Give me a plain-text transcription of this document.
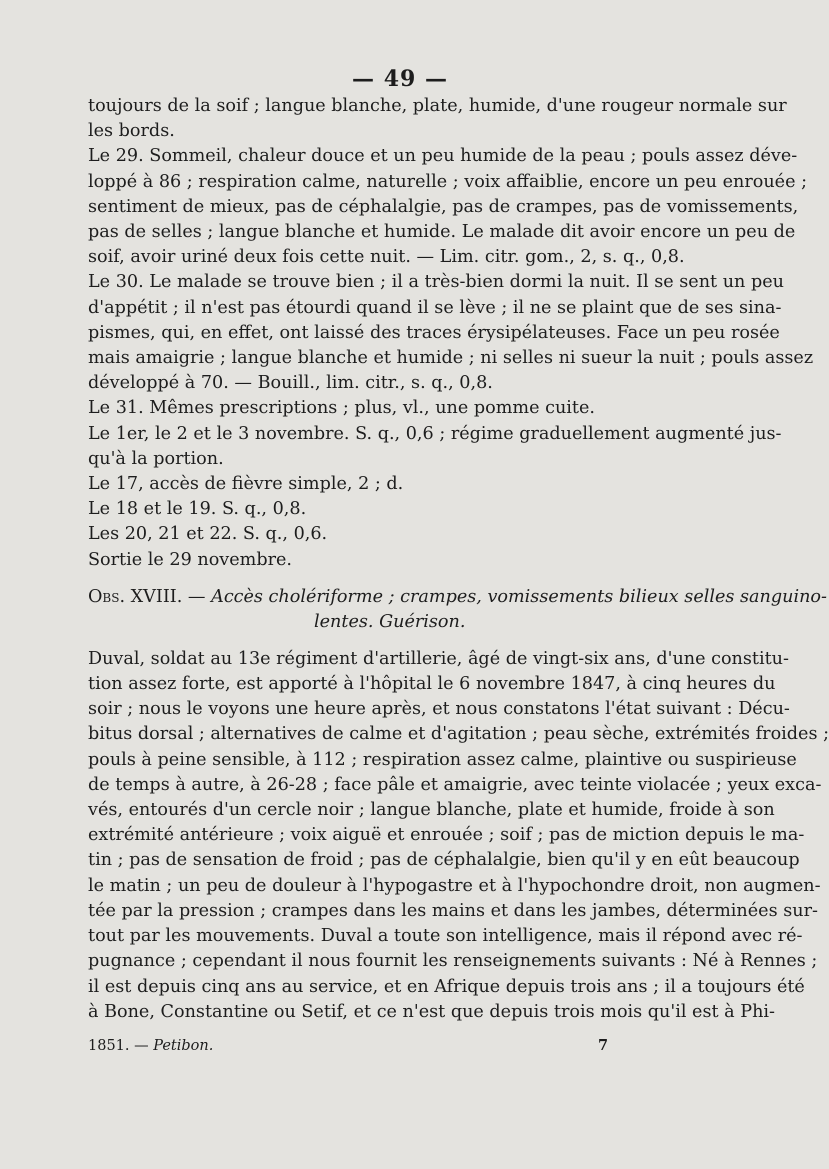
— 49 —
toujours de la soif ; langue blanche, plate, humide, d'une rougeur normale sur
les bords.
Le 29. Sommeil, chaleur douce et un peu humide de la peau ; pouls assez déve-
loppé à 86 ; respiration calme, naturelle ; voix affaiblie, encore un peu enrouée ;
sentiment de mieux, pas de céphalalgie, pas de crampes, pas de vomissements,
pas de selles ; langue blanche et humide. Le malade dit avoir encore un peu de
soif, avoir uriné deux fois cette nuit. — Lim. citr. gom., 2, s. q., 0,8.
Le 30. Le malade se trouve bien ; il a très-bien dormi la nuit. Il se sent un peu
d'appétit ; il n'est pas étourdi quand il se lève ; il ne se plaint que de ses sina-
pismes, qui, en effet, ont laissé des traces érysipélateuses. Face un peu rosée
mais amaigrie ; langue blanche et humide ; ni selles ni sueur la nuit ; pouls assez
développé à 70. — Bouill., lim. citr., s. q., 0,8.
Le 31. Mêmes prescriptions ; plus, vl., une pomme cuite.
Le 1er, le 2 et le 3 novembre. S. q., 0,6 ; régime graduellement augmenté jus-
qu'à la portion.
Le 17, accès de fièvre simple, 2 ; d.
Le 18 et le 19. S. q., 0,8.
Les 20, 21 et 22. S. q., 0,6.
Sortie le 29 novembre.
Obs. XVIII. — Accès cholériforme ; crampes, vomissements bilieux selles sanguino-
lentes. Guérison.
Duval, soldat au 13e régiment d'artillerie, âgé de vingt-six ans, d'une constitu-
tion assez forte, est apporté à l'hôpital le 6 novembre 1847, à cinq heures du
soir ; nous le voyons une heure après, et nous constatons l'état suivant : Décu-
bitus dorsal ; alternatives de calme et d'agitation ; peau sèche, extrémités froides ;
pouls à peine sensible, à 112 ; respiration assez calme, plaintive ou suspirieuse
de temps à autre, à 26-28 ; face pâle et amaigrie, avec teinte violacée ; yeux exca-
vés, entourés d'un cercle noir ; langue blanche, plate et humide, froide à son
extrémité antérieure ; voix aiguë et enrouée ; soif ; pas de miction depuis le ma-
tin ; pas de sensation de froid ; pas de céphalalgie, bien qu'il y en eût beaucoup
le matin ; un peu de douleur à l'hypogastre et à l'hypochondre droit, non augmen-
tée par la pression ; crampes dans les mains et dans les jambes, déterminées sur-
tout par les mouvements. Duval a toute son intelligence, mais il répond avec ré-
pugnance ; cependant il nous fournit les renseignements suivants : Né à Rennes ;
il est depuis cinq ans au service, et en Afrique depuis trois ans ; il a toujours été
à Bone, Constantine ou Setif, et ce n'est que depuis trois mois qu'il est à Phi-
1851. — Petibon.	7
